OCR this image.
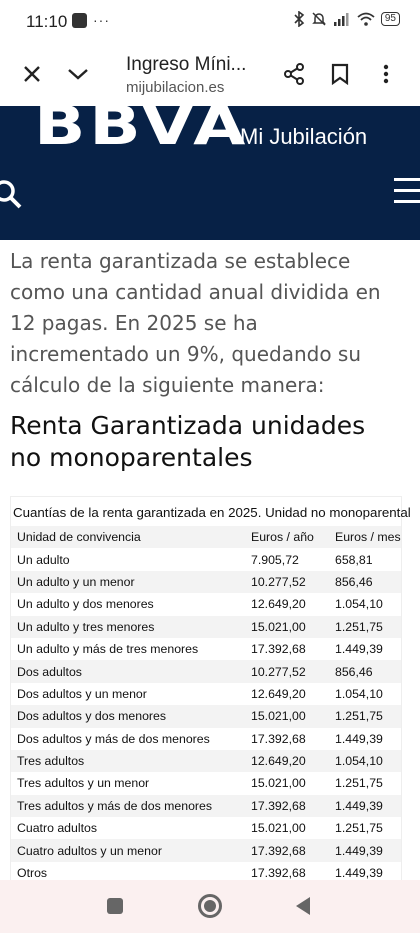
11:10 ···	95
Ingreso Míni...
mijubilacion.es
BBVA
Mi Jubilación

La renta garantizada se establece como una cantidad anual dividida en 12 pagas. En 2025 se ha incrementado un 9%, quedando su cálculo de la siguiente manera:

Renta Garantizada unidades no monoparentales
Cuantías de la renta garantizada en 2025. Unidad no monoparental
Unidad de convivencia	Euros / año	Euros / mes
Un adulto	7.905,72	658,81
Un adulto y un menor	10.277,52	856,46
Un adulto y dos menores	12.649,20	1.054,10
Un adulto y tres menores	15.021,00	1.251,75
Un adulto y más de tres menores	17.392,68	1.449,39
Dos adultos	10.277,52	856,46
Dos adultos y un menor	12.649,20	1.054,10
Dos adultos y dos menores	15.021,00	1.251,75
Dos adultos y más de dos menores	17.392,68	1.449,39
Tres adultos	12.649,20	1.054,10
Tres adultos y un menor	15.021,00	1.251,75
Tres adultos y más de dos menores	17.392,68	1.449,39
Cuatro adultos	15.021,00	1.251,75
Cuatro adultos y un menor	17.392,68	1.449,39
Otros	17.392,68	1.449,39
